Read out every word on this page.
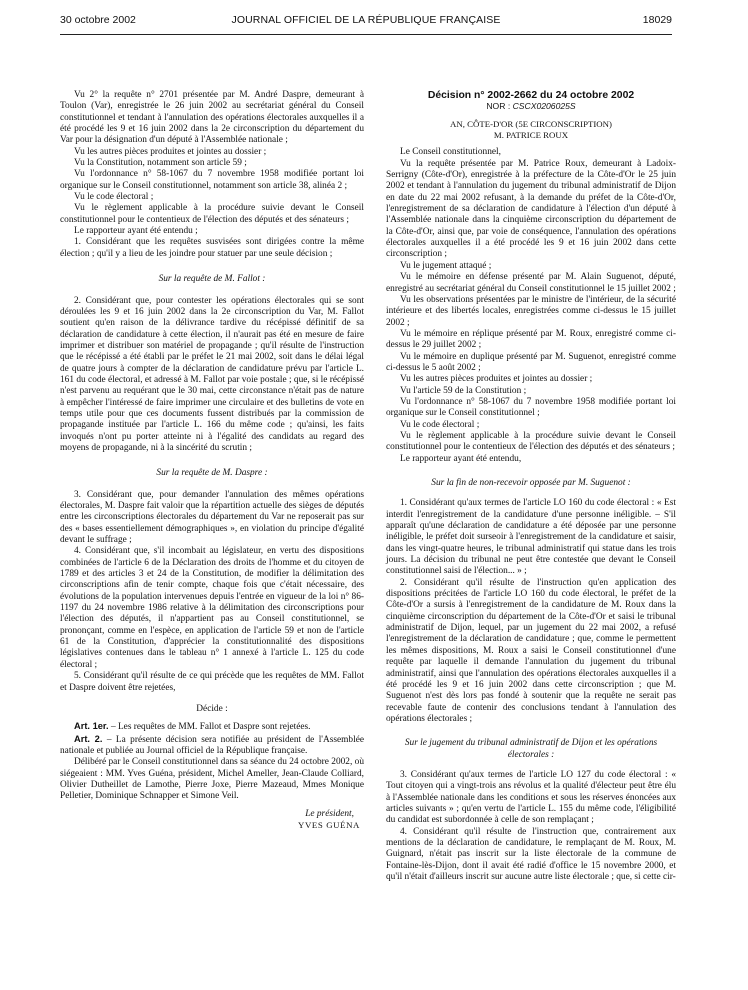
30 octobre 2002	JOURNAL OFFICIEL DE LA RÉPUBLIQUE FRANÇAISE	18029

Vu 2° la requête n° 2701 présentée par M. André Daspre, demeurant à Toulon (Var), enregistrée le 26 juin 2002 au secrétariat général du Conseil constitutionnel et tendant à l'annulation des opérations électorales auxquelles il a été procédé les 9 et 16 juin 2002 dans la 2e circonscription du département du Var pour la désignation d'un député à l'Assemblée nationale ;

Vu les autres pièces produites et jointes au dossier ;

Vu la Constitution, notamment son article 59 ;

Vu l'ordonnance n° 58-1067 du 7 novembre 1958 modifiée portant loi organique sur le Conseil constitutionnel, notamment son article 38, alinéa 2 ;

Vu le code électoral ;

Vu le règlement applicable à la procédure suivie devant le Conseil constitutionnel pour le contentieux de l'élection des députés et des sénateurs ;

Le rapporteur ayant été entendu ;

1. Considérant que les requêtes susvisées sont dirigées contre la même élection ; qu'il y a lieu de les joindre pour statuer par une seule décision ;

Sur la requête de M. Fallot :

2. Considérant que, pour contester les opérations électorales qui se sont déroulées les 9 et 16 juin 2002 dans la 2e circonscription du Var, M. Fallot soutient qu'en raison de la délivrance tardive du récépissé définitif de sa déclaration de candidature à cette élection, il n'aurait pas été en mesure de faire imprimer et distribuer son matériel de propagande ; qu'il résulte de l'instruction que le récépissé a été établi par le préfet le 21 mai 2002, soit dans le délai légal de quatre jours à compter de la déclaration de candidature prévu par l'article L. 161 du code électoral, et adressé à M. Fallot par voie postale ; que, si le récépissé n'est parvenu au requérant que le 30 mai, cette circonstance n'était pas de nature à empêcher l'intéressé de faire imprimer une circulaire et des bulletins de vote en temps utile pour que ces documents fussent distribués par la commission de propagande instituée par l'article L. 166 du même code ; qu'ainsi, les faits invoqués n'ont pu porter atteinte ni à l'égalité des candidats au regard des moyens de propagande, ni à la sincérité du scrutin ;

Sur la requête de M. Daspre :

3. Considérant que, pour demander l'annulation des mêmes opérations électorales, M. Daspre fait valoir que la répartition actuelle des sièges de députés entre les circonscriptions électorales du département du Var ne reposerait pas sur des « bases essentiellement démographiques », en violation du principe d'égalité devant le suffrage ;

4. Considérant que, s'il incombait au législateur, en vertu des dispositions combinées de l'article 6 de la Déclaration des droits de l'homme et du citoyen de 1789 et des articles 3 et 24 de la Constitution, de modifier la délimitation des circonscriptions afin de tenir compte, chaque fois que c'était nécessaire, des évolutions de la population intervenues depuis l'entrée en vigueur de la loi n° 86-1197 du 24 novembre 1986 relative à la délimitation des circonscriptions pour l'élection des députés, il n'appartient pas au Conseil constitutionnel, se prononçant, comme en l'espèce, en application de l'article 59 et non de l'article 61 de la Constitution, d'apprécier la constitutionnalité des dispositions législatives contenues dans le tableau n° 1 annexé à l'article L. 125 du code électoral ;

5. Considérant qu'il résulte de ce qui précède que les requêtes de MM. Fallot et Daspre doivent être rejetées,

Décide :

Art. 1er. – Les requêtes de MM. Fallot et Daspre sont rejetées.

Art. 2. – La présente décision sera notifiée au président de l'Assemblée nationale et publiée au Journal officiel de la République française.

Délibéré par le Conseil constitutionnel dans sa séance du 24 octobre 2002, où siégeaient : MM. Yves Guéna, président, Michel Ameller, Jean-Claude Colliard, Olivier Dutheillet de Lamothe, Pierre Joxe, Pierre Mazeaud, Mmes Monique Pelletier, Dominique Schnapper et Simone Veil.

Le président,
YVES GUÉNA

Décision n° 2002-2662 du 24 octobre 2002

NOR : CSCX0206025S

AN, CÔTE-D'OR (5E CIRCONSCRIPTION)

M. PATRICE ROUX

Le Conseil constitutionnel,

Vu la requête présentée par M. Patrice Roux, demeurant à Ladoix-Serrigny (Côte-d'Or), enregistrée à la préfecture de la Côte-d'Or le 25 juin 2002 et tendant à l'annulation du jugement du tribunal administratif de Dijon en date du 22 mai 2002 refusant, à la demande du préfet de la Côte-d'Or, l'enregistrement de sa déclaration de candidature à l'élection d'un député à l'Assemblée nationale dans la cinquième circonscription du département de la Côte-d'Or, ainsi que, par voie de conséquence, l'annulation des opérations électorales auxquelles il a été procédé les 9 et 16 juin 2002 dans cette circonscription ;

Vu le jugement attaqué ;

Vu le mémoire en défense présenté par M. Alain Suguenot, député, enregistré au secrétariat général du Conseil constitutionnel le 15 juillet 2002 ;

Vu les observations présentées par le ministre de l'intérieur, de la sécurité intérieure et des libertés locales, enregistrées comme ci-dessus le 15 juillet 2002 ;

Vu le mémoire en réplique présenté par M. Roux, enregistré comme ci-dessus le 29 juillet 2002 ;

Vu le mémoire en duplique présenté par M. Suguenot, enregistré comme ci-dessus le 5 août 2002 ;

Vu les autres pièces produites et jointes au dossier ;

Vu l'article 59 de la Constitution ;

Vu l'ordonnance n° 58-1067 du 7 novembre 1958 modifiée portant loi organique sur le Conseil constitutionnel ;

Vu le code électoral ;

Vu le règlement applicable à la procédure suivie devant le Conseil constitutionnel pour le contentieux de l'élection des députés et des sénateurs ;

Le rapporteur ayant été entendu,

Sur la fin de non-recevoir opposée par M. Suguenot :

1. Considérant qu'aux termes de l'article LO 160 du code électoral : « Est interdit l'enregistrement de la candidature d'une personne inéligible. – S'il apparaît qu'une déclaration de candidature a été déposée par une personne inéligible, le préfet doit surseoir à l'enregistrement de la candidature et saisir, dans les vingt-quatre heures, le tribunal administratif qui statue dans les trois jours. La décision du tribunal ne peut être contestée que devant le Conseil constitutionnel saisi de l'élection... » ;

2. Considérant qu'il résulte de l'instruction qu'en application des dispositions précitées de l'article LO 160 du code électoral, le préfet de la Côte-d'Or a sursis à l'enregistrement de la candidature de M. Roux dans la cinquième circonscription du département de la Côte-d'Or et saisi le tribunal administratif de Dijon, lequel, par un jugement du 22 mai 2002, a refusé l'enregistrement de la déclaration de candidature ; que, comme le permettent les mêmes dispositions, M. Roux a saisi le Conseil constitutionnel d'une requête par laquelle il demande l'annulation du jugement du tribunal administratif, ainsi que l'annulation des opérations électorales auxquelles il a été procédé les 9 et 16 juin 2002 dans cette circonscription ; que M. Suguenot n'est dès lors pas fondé à soutenir que la requête ne serait pas recevable faute de contenir des conclusions tendant à l'annulation des opérations électorales ;

Sur le jugement du tribunal administratif de Dijon et les opérations électorales :

3. Considérant qu'aux termes de l'article LO 127 du code électoral : « Tout citoyen qui a vingt-trois ans révolus et la qualité d'électeur peut être élu à l'Assemblée nationale dans les conditions et sous les réserves énoncées aux articles suivants » ; qu'en vertu de l'article L. 155 du même code, l'éligibilité du candidat est subordonnée à celle de son remplaçant ;

4. Considérant qu'il résulte de l'instruction que, contrairement aux mentions de la déclaration de candidature, le remplaçant de M. Roux, M. Guignard, n'était pas inscrit sur la liste électorale de la commune de Fontaine-lès-Dijon, dont il avait été radié d'office le 15 novembre 2000, et qu'il n'était d'ailleurs inscrit sur aucune autre liste électorale ; que, si cette cir-
